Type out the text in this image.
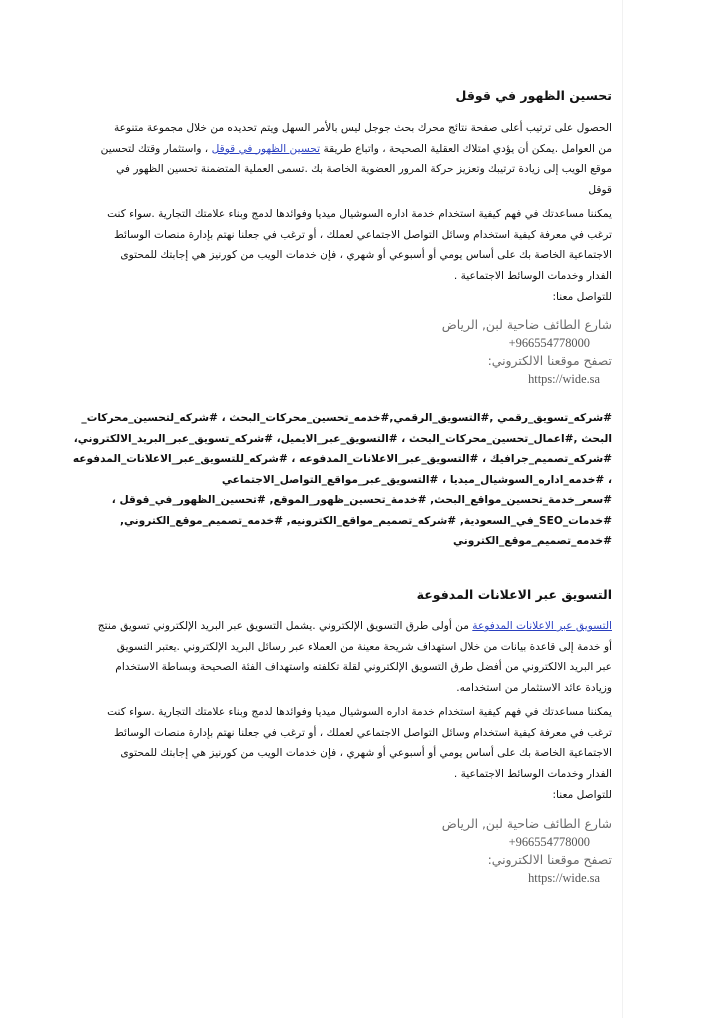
تحسين الظهور في قوقل
الحصول على ترتيب أعلى صفحة نتائج محرك بحث جوجل ليس بالأمر السهل ويتم تحديده من خلال مجموعة متنوعة
من العوامل .يمكن أن يؤدي امتلاك العقلية الصحيحة ، واتباع طريقة تحسين الظهور في قوقل ، واستثمار وقتك لتحسين
موقع الويب إلى زيادة ترتيبك وتعزيز حركة المرور العضوية الخاصة بك .تسمى العملية المتضمنة تحسين الظهور في
قوقل
يمكننا مساعدتك في فهم كيفية استخدام خدمة اداره السوشيال ميديا وفوائدها لدمج وبناء علامتك التجارية .سواء كنت
ترغب في معرفة كيفية استخدام وسائل التواصل الاجتماعي لعملك ، أو ترغب في جعلنا نهتم بإدارة منصات الوسائط
الاجتماعية الخاصة بك على أساس يومي أو أسبوعي أو شهري ، فإن خدمات الويب من كورنيز هي إجابتك للمحتوى
الفدار وخدمات الوسائط الاجتماعية .
للتواصل معنا:
شارع الطائف ضاحية لبن, الرياض
+966554778000
تصفح موقعنا الالكتروني:
https://wide.sa
#شركه_تسويق_رقمي ,#التسويق_الرقمي,#خدمه_تحسين_محركات_البحث ، #شركه_لتحسين_محركات_
البحث ,#اعمال_تحسين_محركات_البحث ، #التسويق_عبر_الايميل، #شركه_تسويق_عبر_البريد_الالكتروني،
#شركه_تصميم_جرافيك ، #التسويق_عبر_الاعلانات_المدفوعه ، #شركه_للتسويق_عبر_الاعلانات_المدفوعه
، #خدمه_اداره_السوشيال_ميديا ، #التسويق_عبر_مواقع_التواصل_الاجتماعي
#سعر_خدمة_تحسين_مواقع_البحث, #خدمة_تحسين_ظهور_الموقع, #تحسين_الظهور_في_قوقل ،
#خدمات_SEO_في_السعودية, #شركه_تصميم_مواقع_الكترونيه, #خدمه_تصميم_موقع_الكتروني,
#خدمه_تصميم_موقع_الكتروني
التسويق عبر الاعلانات المدفوعة
التسويق عبر الاعلانات المدفوعة من أولى طرق التسويق الإلكتروني .يشمل التسويق عبر البريد الإلكتروني تسويق منتج
أو خدمة إلى قاعدة بيانات من خلال استهداف شريحة معينة من العملاء عبر رسائل البريد الإلكتروني .يعتبر التسويق
عبر البريد الالكتروني من أفضل طرق التسويق الإلكتروني لقلة تكلفته واستهداف الفئة الصحيحة وبساطة الاستخدام
وزيادة عائد الاستثمار من استخدامه.
يمكننا مساعدتك في فهم كيفية استخدام خدمة اداره السوشيال ميديا وفوائدها لدمج وبناء علامتك التجارية .سواء كنت
ترغب في معرفة كيفية استخدام وسائل التواصل الاجتماعي لعملك ، أو ترغب في جعلنا نهتم بإدارة منصات الوسائط
الاجتماعية الخاصة بك على أساس يومي أو أسبوعي أو شهري ، فإن خدمات الويب من كورنيز هي إجابتك للمحتوى
الفدار وخدمات الوسائط الاجتماعية .
للتواصل معنا:
شارع الطائف ضاحية لبن, الرياض
+966554778000
تصفح موقعنا الالكتروني:
https://wide.sa
